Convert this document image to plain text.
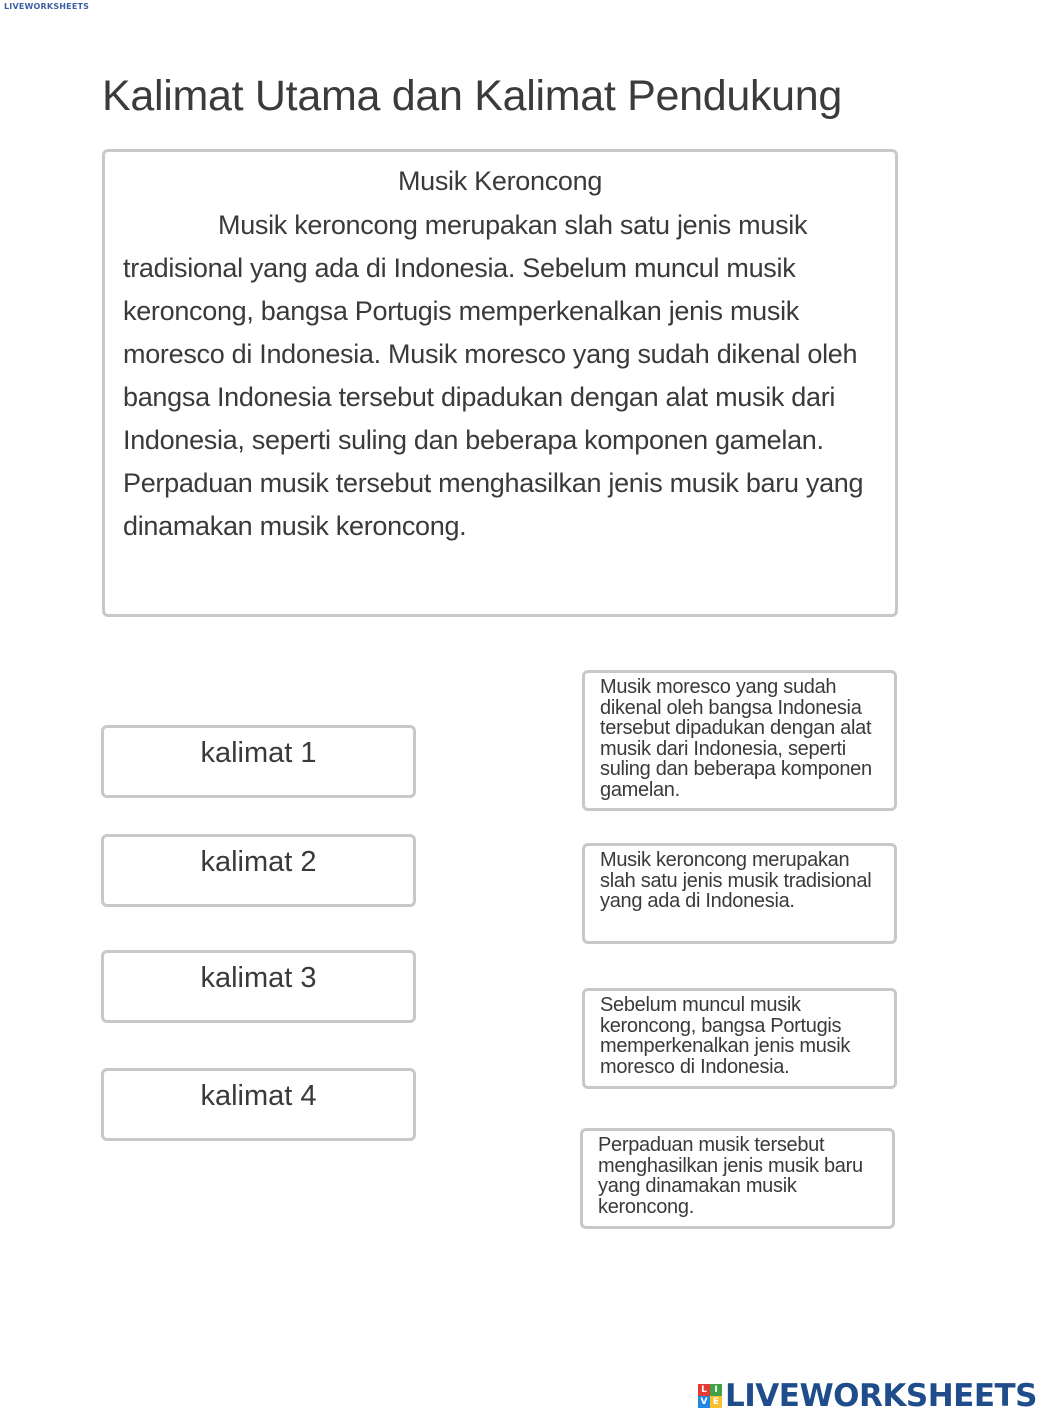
LIVEWORKSHEETS
Kalimat Utama dan Kalimat Pendukung
Musik Keroncong

Musik keroncong merupakan slah satu jenis musik tradisional yang ada di Indonesia. Sebelum muncul musik keroncong, bangsa Portugis memperkenalkan jenis musik moresco di Indonesia. Musik moresco yang sudah dikenal oleh bangsa Indonesia tersebut dipadukan dengan alat musik dari Indonesia, seperti suling dan beberapa komponen gamelan. Perpaduan musik tersebut menghasilkan jenis musik baru yang dinamakan musik keroncong.

kalimat 1
kalimat 2
kalimat 3
kalimat 4

Musik moresco yang sudah dikenal oleh bangsa Indonesia tersebut dipadukan dengan alat musik dari Indonesia, seperti suling dan beberapa komponen gamelan.

Musik keroncong merupakan slah satu jenis musik tradisional yang ada di Indonesia.

Sebelum muncul musik keroncong, bangsa Portugis memperkenalkan jenis musik moresco di Indonesia.

Perpaduan musik tersebut menghasilkan jenis musik baru yang dinamakan musik keroncong.

L I
V E LIVEWORKSHEETS
